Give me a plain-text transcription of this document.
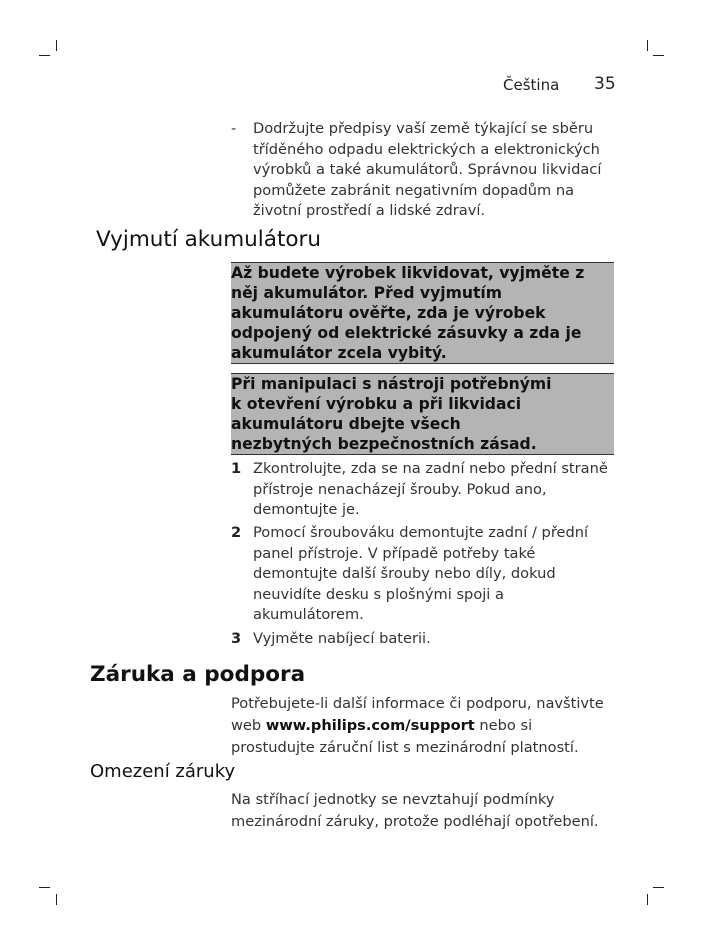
Čeština 35
- Dodržujte předpisy vaší země týkající se sběru tříděného odpadu elektrických a elektronických výrobků a také akumulátorů. Správnou likvidací pomůžete zabránit negativním dopadům na životní prostředí a lidské zdraví.
Vyjmutí akumulátoru
Až budete výrobek likvidovat, vyjměte z něj akumulátor. Před vyjmutím akumulátoru ověřte, zda je výrobek odpojený od elektrické zásuvky a zda je akumulátor zcela vybitý.
Při manipulaci s nástroji potřebnými k otevření výrobku a při likvidaci akumulátoru dbejte všech nezbytných bezpečnostních zásad.
1 Zkontrolujte, zda se na zadní nebo přední straně přístroje nenacházejí šrouby. Pokud ano, demontujte je.
2 Pomocí šroubováku demontujte zadní / přední panel přístroje. V případě potřeby také demontujte další šrouby nebo díly, dokud neuvidíte desku s plošnými spoji a akumulátorem.
3 Vyjměte nabíjecí baterii.
Záruka a podpora
Potřebujete-li další informace či podporu, navštivte web www.philips.com/support nebo si prostudujte záruční list s mezinárodní platností.
Omezení záruky
Na stříhací jednotky se nevztahují podmínky mezinárodní záruky, protože podléhají opotřebení.
